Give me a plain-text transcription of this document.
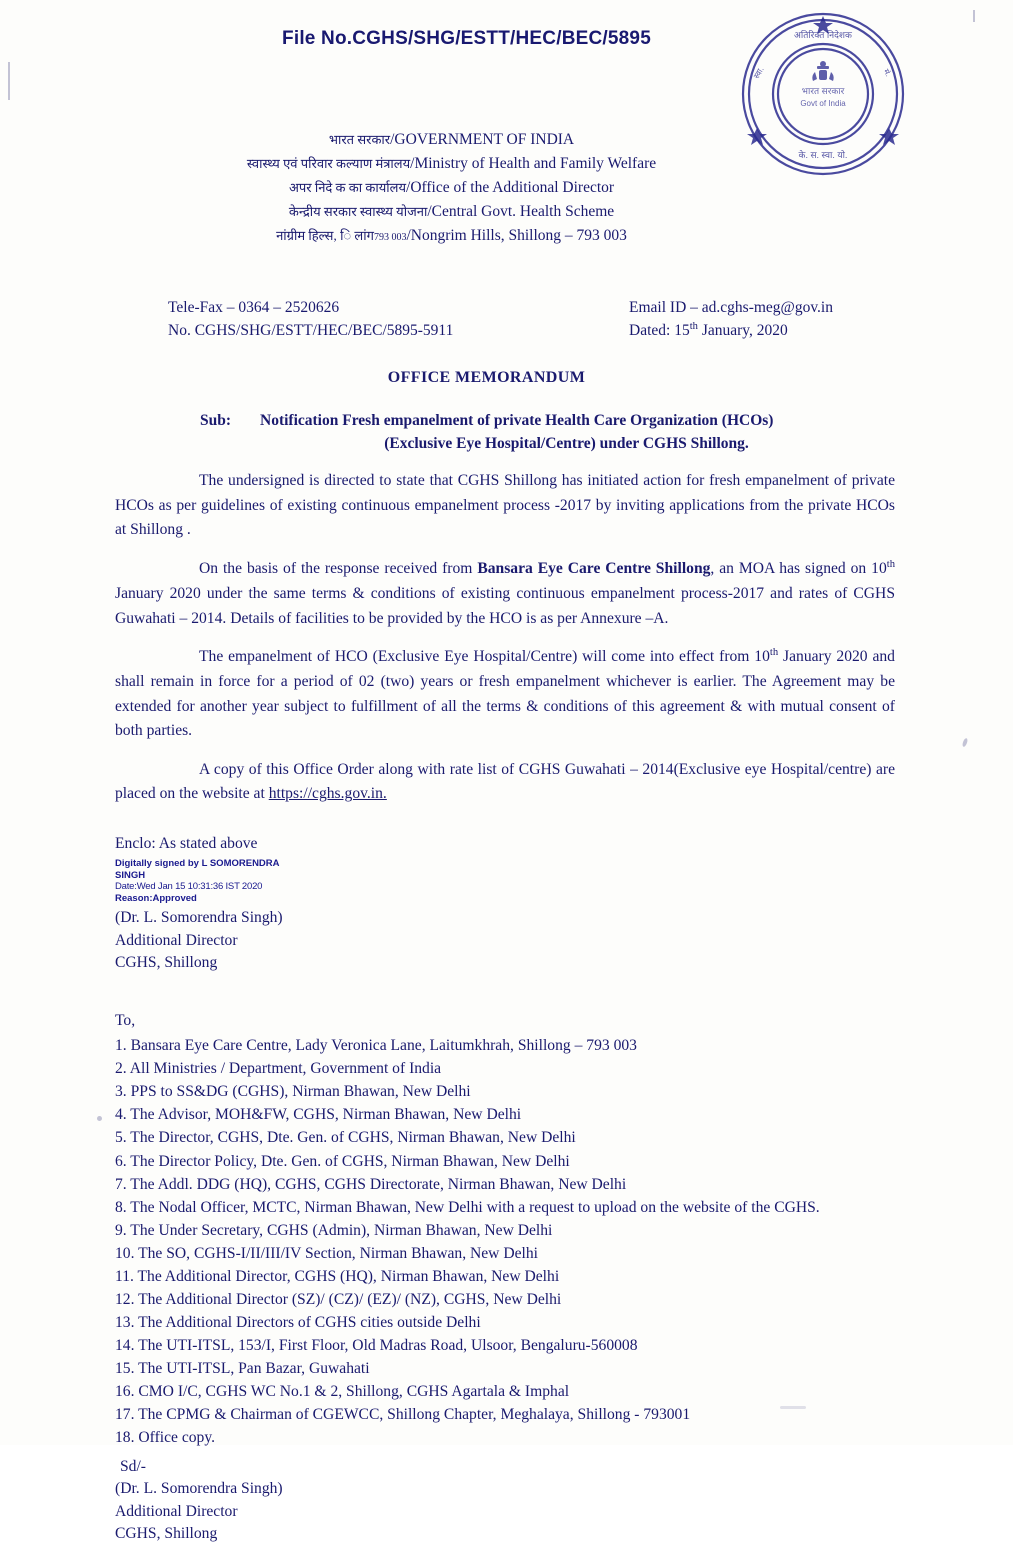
File No.CGHS/SHG/ESTT/HEC/BEC/5895
भारत सरकार/GOVERNMENT OF INDIA
स्वास्थ्य एवं परिवार कल्याण मंत्रालय/Ministry of Health and Family Welfare
अपर निदे क का कार्यालय/Office of the Additional Director
केन्द्रीय सरकार स्वास्थ्य योजना/Central Govt. Health Scheme
नांग्रीम हिल्स, ि लांग793 003/Nongrim Hills, Shillong – 793 003
Tele-Fax – 0364 – 2520626
No. CGHS/SHG/ESTT/HEC/BEC/5895-5911
Email ID – ad.cghs-meg@gov.in
Dated: 15th January, 2020
OFFICE MEMORANDUM
Sub: Notification Fresh empanelment of private Health Care Organization (HCOs)
(Exclusive Eye Hospital/Centre) under CGHS Shillong.
The undersigned is directed to state that CGHS Shillong has initiated action for fresh empanelment of private HCOs as per guidelines of existing continuous empanelment process -2017 by inviting applications from the private HCOs at Shillong .
On the basis of the response received from Bansara Eye Care Centre Shillong, an MOA has signed on 10th January 2020 under the same terms & conditions of existing continuous empanelment process-2017 and rates of CGHS Guwahati – 2014. Details of facilities to be provided by the HCO is as per Annexure –A.
The empanelment of HCO (Exclusive Eye Hospital/Centre) will come into effect from 10th January 2020 and shall remain in force for a period of 02 (two) years or fresh empanelment whichever is earlier. The Agreement may be extended for another year subject to fulfillment of all the terms & conditions of this agreement & with mutual consent of both parties.
A copy of this Office Order along with rate list of CGHS Guwahati – 2014(Exclusive eye Hospital/centre) are placed on the website at https://cghs.gov.in.
Enclo: As stated above
Digitally signed by L SOMORENDRA
SINGH
Date:Wed Jan 15 10:31:36 IST 2020
Reason:Approved
(Dr. L. Somorendra Singh)
Additional Director
CGHS, Shillong
To,
1. Bansara Eye Care Centre, Lady Veronica Lane, Laitumkhrah, Shillong – 793 003
2. All Ministries / Department, Government of India
3. PPS to SS&DG (CGHS), Nirman Bhawan, New Delhi
4. The Advisor, MOH&FW, CGHS, Nirman Bhawan, New Delhi
5. The Director, CGHS, Dte. Gen. of CGHS, Nirman Bhawan, New Delhi
6. The Director Policy, Dte. Gen. of CGHS, Nirman Bhawan, New Delhi
7. The Addl. DDG (HQ), CGHS, CGHS Directorate, Nirman Bhawan, New Delhi
8. The Nodal Officer, MCTC, Nirman Bhawan, New Delhi with a request to upload on the website of the CGHS.
9. The Under Secretary, CGHS (Admin), Nirman Bhawan, New Delhi
10. The SO, CGHS-I/II/III/IV Section, Nirman Bhawan, New Delhi
11. The Additional Director, CGHS (HQ), Nirman Bhawan, New Delhi
12. The Additional Director (SZ)/ (CZ)/ (EZ)/ (NZ), CGHS, New Delhi
13. The Additional Directors of CGHS cities outside Delhi
14. The UTI-ITSL, 153/I, First Floor, Old Madras Road, Ulsoor, Bengaluru-560008
15. The UTI-ITSL, Pan Bazar, Guwahati
16. CMO I/C, CGHS WC No.1 & 2, Shillong, CGHS Agartala & Imphal
17. The CPMG & Chairman of CGEWCC, Shillong Chapter, Meghalaya, Shillong - 793001
18. Office copy.
Sd/-
(Dr. L. Somorendra Singh)
Additional Director
CGHS, Shillong
भारत सरकार
Govt of India
अतिरिक्त निदेशक
के. स. स्वा. यो.
स्वा.	मं.
